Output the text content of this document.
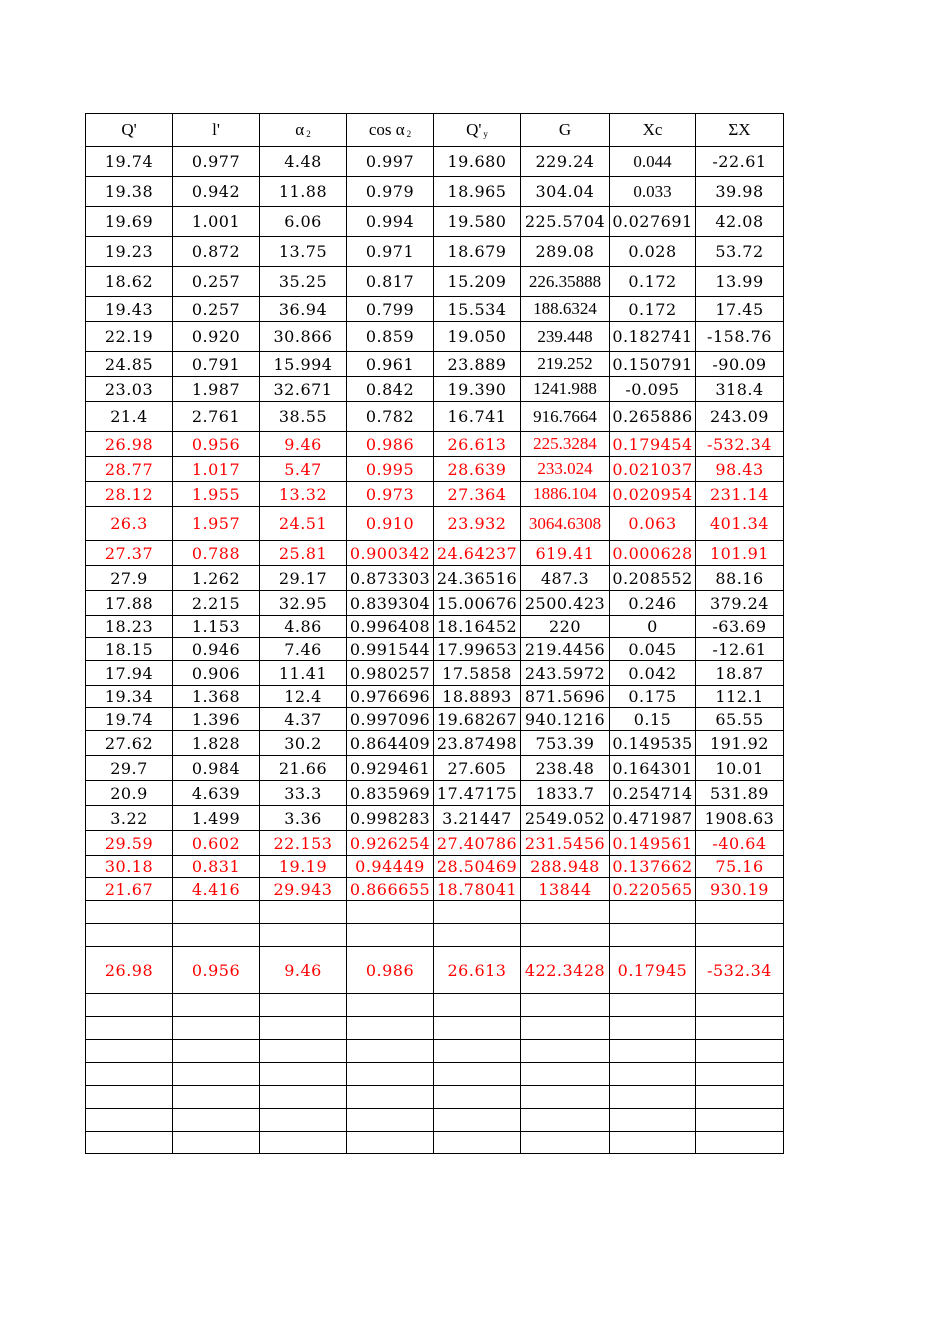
Q'	l'	α $_2$	cos α $_2$	Q' $_y$	G	Xc	ΣX
19.74	0.977	4.48	0.997	19.680	229.24	0.044	-22.61
19.38	0.942	11.88	0.979	18.965	304.04	0.033	39.98
19.69	1.001	6.06	0.994	19.580	225.5704	0.027691	42.08
19.23	0.872	13.75	0.971	18.679	289.08	0.028	53.72
18.62	0.257	35.25	0.817	15.209	226.35888	0.172	13.99
19.43	0.257	36.94	0.799	15.534	188.6324	0.172	17.45
22.19	0.920	30.866	0.859	19.050	239.448	0.182741	-158.76
24.85	0.791	15.994	0.961	23.889	219.252	0.150791	-90.09
23.03	1.987	32.671	0.842	19.390	1241.988	-0.095	318.4
21.4	2.761	38.55	0.782	16.741	916.7664	0.265886	243.09
26.98	0.956	9.46	0.986	26.613	225.3284	0.179454	-532.34
28.77	1.017	5.47	0.995	28.639	233.024	0.021037	98.43
28.12	1.955	13.32	0.973	27.364	1886.104	0.020954	231.14
26.3	1.957	24.51	0.910	23.932	3064.6308	0.063	401.34
27.37	0.788	25.81	0.900342	24.64237	619.41	0.000628	101.91
27.9	1.262	29.17	0.873303	24.36516	487.3	0.208552	88.16
17.88	2.215	32.95	0.839304	15.00676	2500.423	0.246	379.24
18.23	1.153	4.86	0.996408	18.16452	220	0	-63.69
18.15	0.946	7.46	0.991544	17.99653	219.4456	0.045	-12.61
17.94	0.906	11.41	0.980257	17.5858	243.5972	0.042	18.87
19.34	1.368	12.4	0.976696	18.8893	871.5696	0.175	112.1
19.74	1.396	4.37	0.997096	19.68267	940.1216	0.15	65.55
27.62	1.828	30.2	0.864409	23.87498	753.39	0.149535	191.92
29.7	0.984	21.66	0.929461	27.605	238.48	0.164301	10.01
20.9	4.639	33.3	0.835969	17.47175	1833.7	0.254714	531.89
3.22	1.499	3.36	0.998283	3.21447	2549.052	0.471987	1908.63
29.59	0.602	22.153	0.926254	27.40786	231.5456	0.149561	-40.64
30.18	0.831	19.19	0.94449	28.50469	288.948	0.137662	75.16
21.67	4.416	29.943	0.866655	18.78041	13844	0.220565	930.19

26.98	0.956	9.46	0.986	26.613	422.3428	0.17945	-532.34
